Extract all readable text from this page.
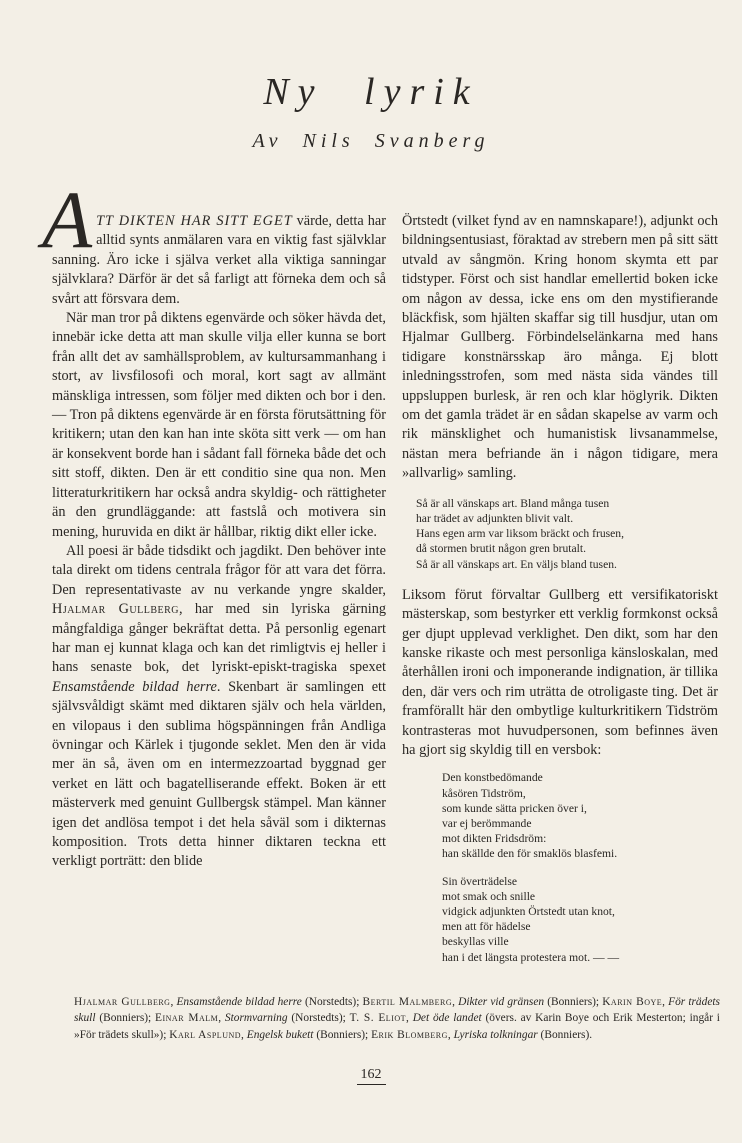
Ny lyrik
Av Nils Svanberg

ATT DIKTEN HAR SITT EGET värde, detta har alltid synts anmälaren vara en viktig fast självklar sanning. Äro icke i själva verket alla viktiga sanningar självklara? Därför är det så farligt att förneka dem och så svårt att försvara dem.

När man tror på diktens egenvärde och söker hävda det, innebär icke detta att man skulle vilja eller kunna se bort från allt det av samhällsproblem, av kultursammanhang i stort, av livsfilosofi och moral, kort sagt av allmänt mänskliga intressen, som följer med dikten och bor i den. — Tron på diktens egenvärde är en första förutsättning för kritikern; utan den kan han inte sköta sitt verk — om han är konsekvent borde han i sådant fall förneka både det och sitt stoff, dikten. Den är ett conditio sine qua non. Men litteraturkritikern har också andra skyldig- och rättigheter än den grundläggande: att fastslå och motivera sin mening, huruvida en dikt är hållbar, riktig dikt eller icke.

All poesi är både tidsdikt och jagdikt. Den behöver inte tala direkt om tidens centrala frågor för att vara det förra. Den representativaste av nu verkande yngre skalder, Hjalmar Gullberg, har med sin lyriska gärning mångfaldiga gånger bekräftat detta. På personlig egenart har man ej kunnat klaga och kan det rimligtvis ej heller i hans senaste bok, det lyriskt-episkt-tragiska spexet Ensamstående bildad herre. Skenbart är samlingen ett självsvåldigt skämt med diktaren själv och hela världen, en vilopaus i den sublima högspänningen från Andliga övningar och Kärlek i tjugonde seklet. Men den är vida mer än så, även om en intermezzoartad byggnad ger verket en lätt och bagatelliserande effekt. Boken är ett mästerverk med genuint Gullbergsk stämpel. Man känner igen det andlösa tempot i det hela såväl som i dikternas komposition. Trots detta hinner diktaren teckna ett verkligt porträtt: den blide

Örtstedt (vilket fynd av en namnskapare!), adjunkt och bildningsentusiast, föraktad av strebern men på sitt sätt utvald av sångmön. Kring honom skymta ett par tidstyper. Först och sist handlar emellertid boken icke om någon av dessa, icke ens om den mystifierande bläckfisk, som hjälten skaffar sig till husdjur, utan om Hjalmar Gullberg. Förbindelselänkarna med hans tidigare konstnärsskap äro många. Ej blott inledningsstrofen, som med nästa sida vändes till uppsluppen burlesk, är ren och klar höglyrik. Dikten om det gamla trädet är en sådan skapelse av varm och rik mänsklighet och humanistisk livsanammelse, nästan mera befriande än i någon tidigare, mera »allvarlig» samling.

Så är all vänskaps art. Bland många tusen
har trädet av adjunkten blivit valt.
Hans egen arm var liksom bräckt och frusen,
då stormen brutit någon gren brutalt.
Så är all vänskaps art. En väljs bland tusen.

Liksom förut förvaltar Gullberg ett versifikatoriskt mästerskap, som bestyrker ett verklig formkonst också ger djupt upplevad verklighet. Den dikt, som har den kanske rikaste och mest personliga känsloskalan, med återhållen ironi och imponerande indignation, är tillika den, där vers och rim uträtta de otroligaste ting. Det är framförallt här den ombytlige kulturkritikern Tidström kontrasteras mot huvudpersonen, som befinnes även ha gjort sig skyldig till en versbok:

Den konstbedömande
kåsören Tidström,
som kunde sätta pricken över i,
var ej berömmande
mot dikten Fridsdröm:
han skällde den för smaklös blasfemi.
Sin överträdelse
mot smak och snille
vidgick adjunkten Örtstedt utan knot,
men att för hädelse
beskyllas ville
han i det längsta protestera mot. — —
Hjalmar Gullberg, Ensamstående bildad herre (Norstedts); Bertil Malmberg, Dikter vid gränsen (Bonniers); Karin Boye, För trädets skull (Bonniers); Einar Malm, Stormvarning (Norstedts); T. S. Eliot, Det öde landet (övers. av Karin Boye och Erik Mesterton; ingår i »För trädets skull»); Karl Asplund, Engelsk bukett (Bonniers); Erik Blomberg, Lyriska tolkningar (Bonniers).
162
